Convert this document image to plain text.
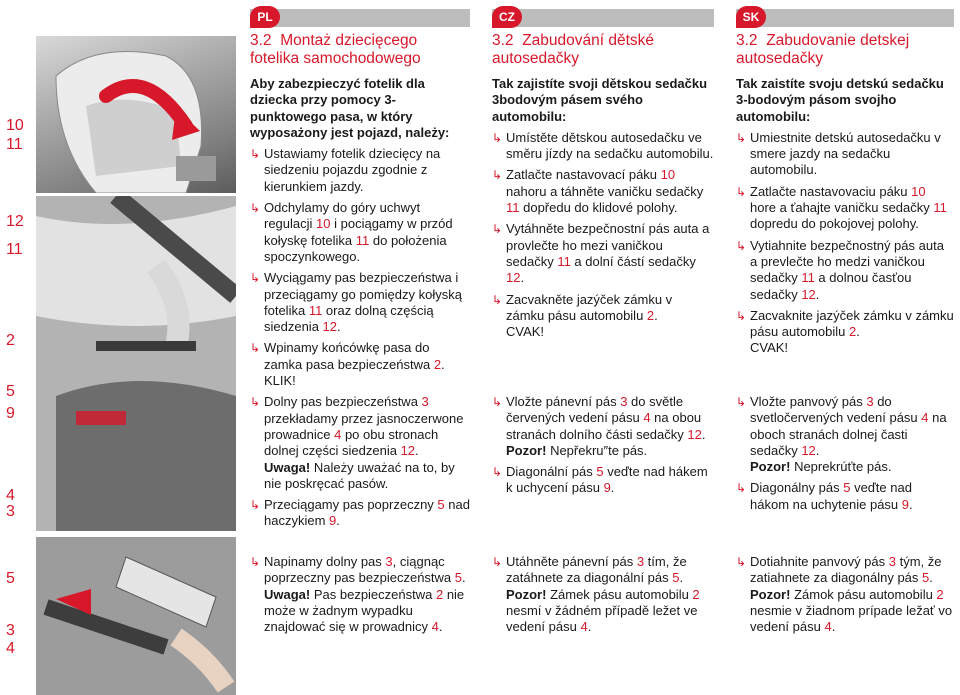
10
11
12
11
2
5
9
4
3
5
3
4
PL
3.2 Montaż dziecięcego fotelika samochodowego
Aby zabezpieczyć fotelik dla dziecka przy pomocy 3-punktowego pasa, w który wyposażony jest pojazd, należy:
↳ Ustawiamy fotelik dziecięcy na siedzeniu pojazdu zgodnie z kierunkiem jazdy.
↳ Odchylamy do góry uchwyt regulacji 10 i pociągamy w przód kołyskę fotelika 11 do położenia spoczynkowego.
↳ Wyciągamy pas bezpieczeństwa i przeciągamy go pomiędzy kołyską fotelika 11 oraz dolną częścią siedzenia 12.
↳ Wpinamy końcówkę pasa do zamka pasa bezpieczeństwa 2.
KLIK!
↳ Dolny pas bezpieczeństwa 3 przekładamy przez jasnoczerwone prowadnice 4 po obu stronach dolnej części siedzenia 12.
Uwaga! Należy uważać na to, by nie poskręcać pasów.
↳ Przeciągamy pas poprzeczny 5 nad haczykiem 9.
↳ Napinamy dolny pas 3, ciągnąc poprzeczny pas bezpieczeństwa 5.
Uwaga! Pas bezpieczeństwa 2 nie może w żadnym wypadku znajdować się w prowadnicy 4.
CZ
3.2 Zabudování dětské autosedačky
Tak zajistíte svoji dětskou sedačku 3bodovým pásem svého automobilu:
↳ Umístěte dětskou autosedačku ve směru jízdy na sedačku automobilu.
↳ Zatlačte nastavovací páku 10 nahoru a táhněte vaničku sedačky 11 dopředu do klidové polohy.
↳ Vytáhněte bezpečnostní pás auta a provlečte ho mezi vaničkou sedačky 11 a dolní částí sedačky 12.
↳ Zacvakněte jazýček zámku v zámku pásu automobilu 2.
CVAK!
↳ Vložte pánevní pás 3 do světle červených vedení pásu 4 na obou stranách dolního části sedačky 12.
Pozor! Nepřekru″te pás.
↳ Diagonální pás 5 veďte nad hákem k uchycení pásu 9.
↳ Utáhněte pánevní pás 3 tím, že zatáhnete za diagonální pás 5.
Pozor! Zámek pásu automobilu 2 nesmí v žádném případě ležet ve vedení pásu 4.
SK
3.2 Zabudovanie detskej autosedačky
Tak zaistíte svoju detskú sedačku 3-bodovým pásom svojho automobilu:
↳ Umiestnite detskú autosedačku v smere jazdy na sedačku automobilu.
↳ Zatlačte nastavovaciu páku 10 hore a ťahajte vaničku sedačky 11 dopredu do pokojovej polohy.
↳ Vytiahnite bezpečnostný pás auta a prevlečte ho medzi vaničkou sedačky 11 a dolnou časťou sedačky 12.
↳ Zacvaknite jazýček zámku v zámku pásu automobilu 2.
CVAK!
↳ Vložte panvový pás 3 do svetločervených vedení pásu 4 na oboch stranách dolnej časti sedačky 12.
Pozor! Neprekrúťte pás.
↳ Diagonálny pás 5 veďte nad hákom na uchytenie pásu 9.
↳ Dotiahnite panvový pás 3 tým, že zatiahnete za diagonálny pás 5.
Pozor! Zámok pásu automobilu 2 nesmie v žiadnom prípade ležať vo vedení pásu 4.
